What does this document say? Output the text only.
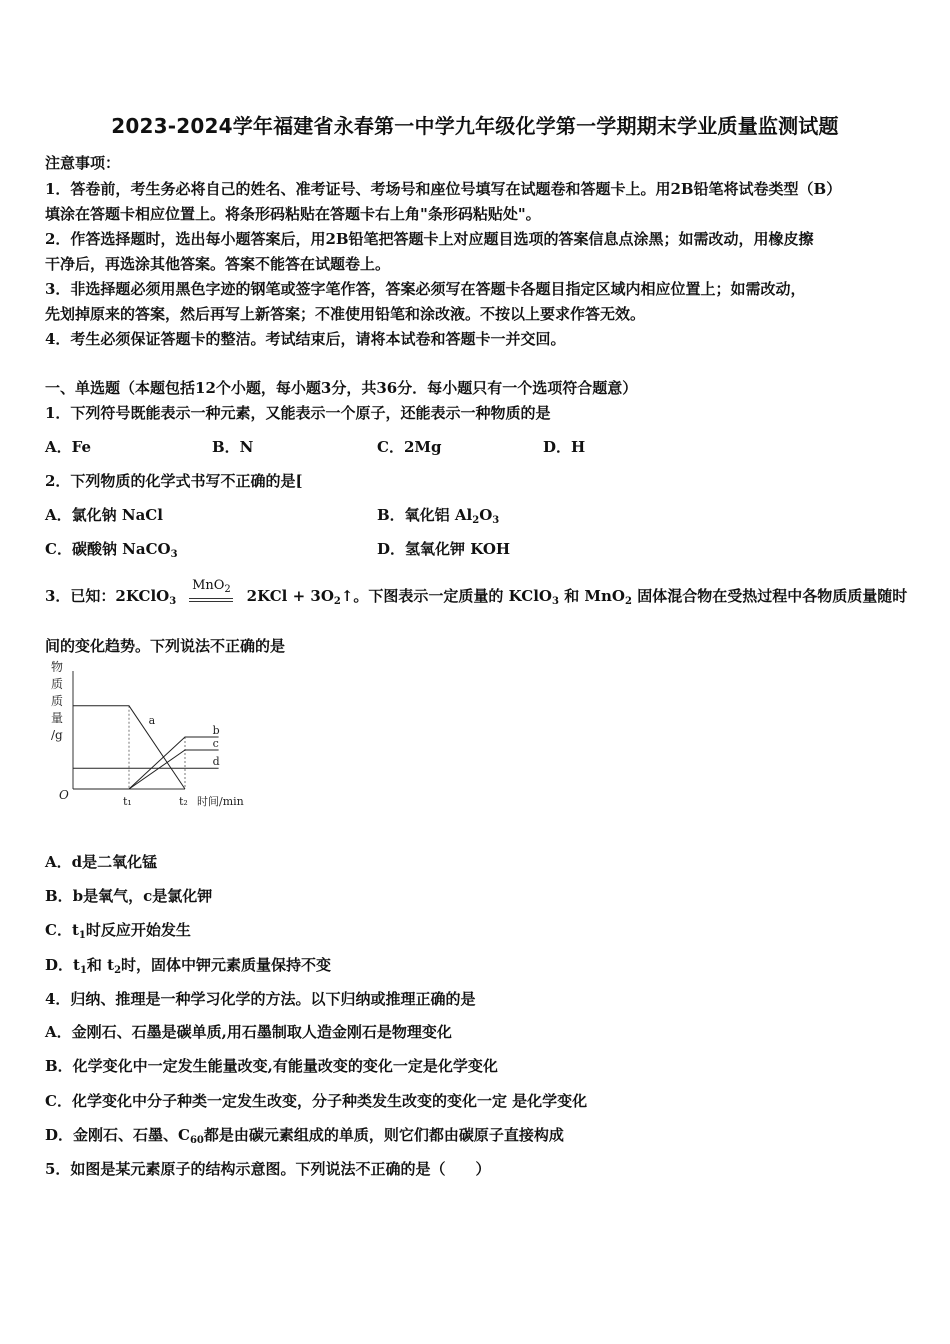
2023-2024学年福建省永春第一中学九年级化学第一学期期末学业质量监测试题
注意事项：
1．答卷前，考生务必将自己的姓名、准考证号、考场号和座位号填写在试题卷和答题卡上。用2B铅笔将试卷类型（B）
填涂在答题卡相应位置上。将条形码粘贴在答题卡右上角"条形码粘贴处"。
2．作答选择题时，选出每小题答案后，用2B铅笔把答题卡上对应题目选项的答案信息点涂黑；如需改动，用橡皮擦
干净后，再选涂其他答案。答案不能答在试题卷上。
3．非选择题必须用黑色字迹的钢笔或签字笔作答，答案必须写在答题卡各题目指定区域内相应位置上；如需改动，
先划掉原来的答案，然后再写上新答案；不准使用铅笔和涂改液。不按以上要求作答无效。
4．考生必须保证答题卡的整洁。考试结束后，请将本试卷和答题卡一并交回。
一、单选题（本题包括12个小题，每小题3分，共36分．每小题只有一个选项符合题意）
1．下列符号既能表示一种元素，又能表示一个原子，还能表示一种物质的是
A．Fe	B．N	C．2Mg	D．H
2．下列物质的化学式书写不正确的是[
A．氯化钠 NaCl	B．氧化铝 $Al_2O_3$
C．碳酸钠 NaCO$_3$	D．氢氧化钾 KOH
3．已知：2KClO$_3$
MnO$_2$ $2KCl + 3O_2↑$。下图表示一定质量的 KClO$_3$ 和 MnO$_2$ 固体混合物在受热过程中各物质质量随时
间的变化趋势。下列说法不正确的是
物
质
质
量
/g
O	t₁	t₂ 时间/min
a
b
c
d
A．d是二氧化锰
B．b是氧气，c是氯化钾
C．$t_1$时反应开始发生
D．$t_1$和 $t_2$时，固体中钾元素质量保持不变
4．归纳、推理是一种学习化学的方法。以下归纳或推理正确的是
A．金刚石、石墨是碳单质,用石墨制取人造金刚石是物理变化
B．化学变化中一定发生能量改变,有能量改变的变化一定是化学变化
C．化学变化中分子种类一定发生改变，分子种类发生改变的变化一定 是化学变化
D．金刚石、石墨、$C_{60}$都是由碳元素组成的单质，则它们都由碳原子直接构成
5．如图是某元素原子的结构示意图。下列说法不正确的是（　　）
